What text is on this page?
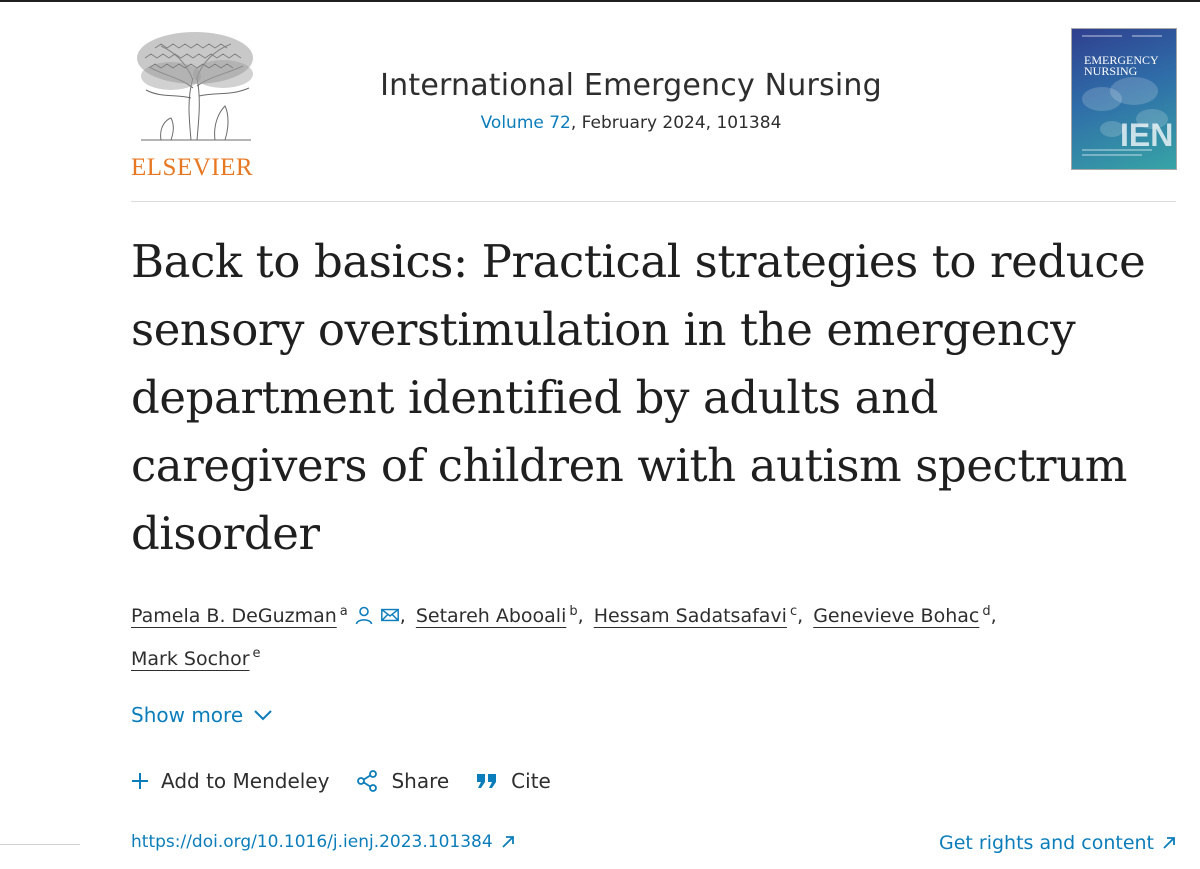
ELSEVIER
International Emergency Nursing
Volume 72, February 2024, 101384
EMERGENCY
NURSING
IEN
Back to basics: Practical strategies to reduce sensory overstimulation in the emergency department identified by adults and caregivers of children with autism spectrum disorder
Pamela B. DeGuzman $^a$	, Setareh Abooali $^b$, Hessam Sadatsafavi $^c$, Genevieve Bohac $^d$,
Mark Sochor $^e$
Show more
Add to Mendeley	Share	Cite
https://doi.org/10.1016/j.ienj.2023.101384	Get rights and content
